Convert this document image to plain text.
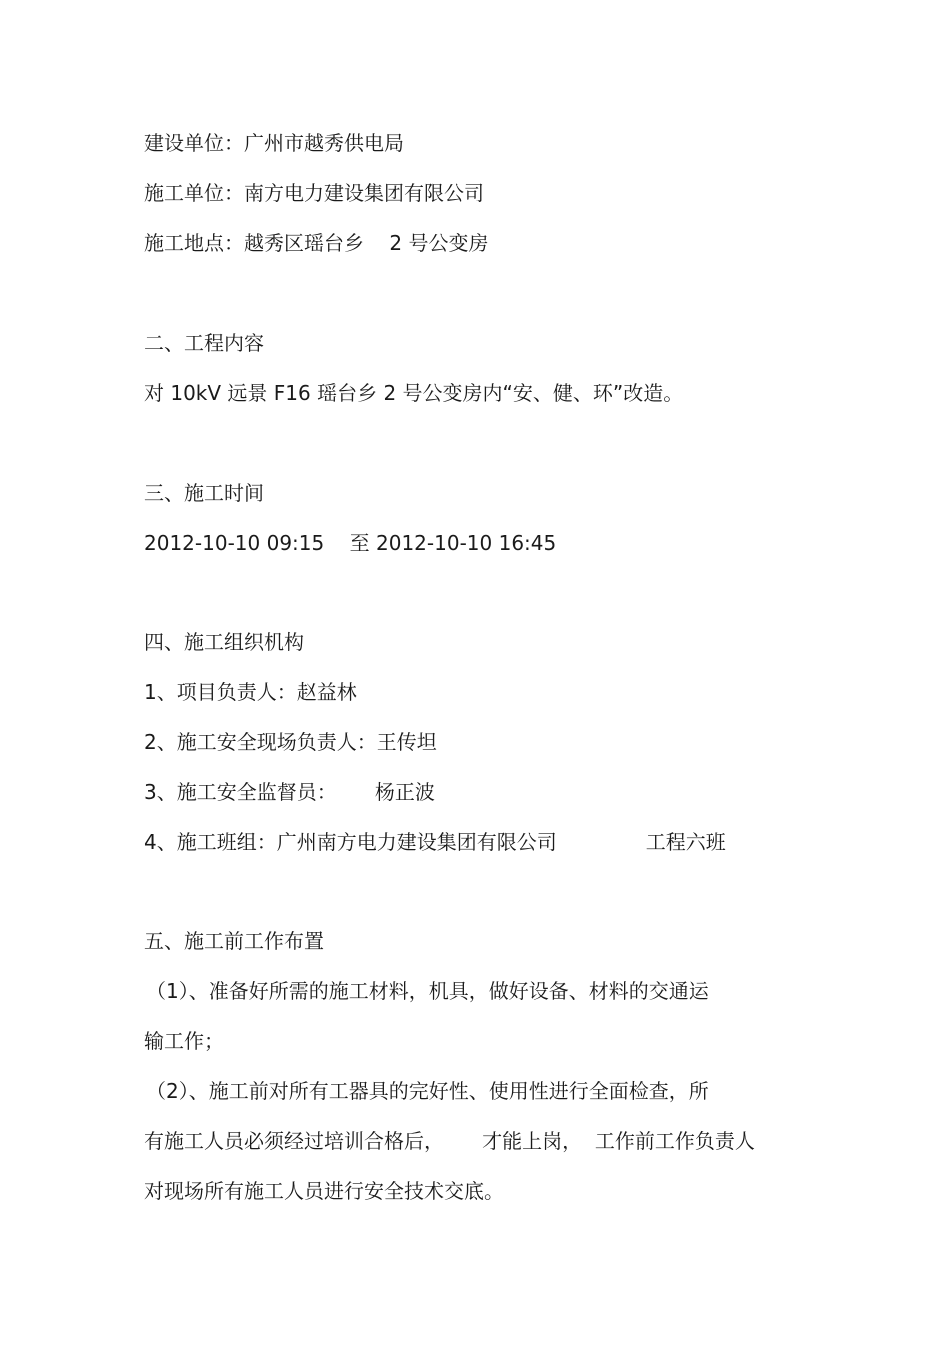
建设单位：广州市越秀供电局
施工单位：南方电力建设集团有限公司
施工地点：越秀区瑶台乡    2 号公变房
二、工程内容
对 10kV 远景 F16 瑶台乡 2 号公变房内“安、健、环”改造。
三、施工时间
2012-10-10 09:15    至 2012-10-10 16:45
四、施工组织机构
1、项目负责人：赵益林
2、施工安全现场负责人：王传坦
3、施工安全监督员：      杨正波
4、施工班组：广州南方电力建设集团有限公司              工程六班
五、施工前工作布置
（1）、准备好所需的施工材料，机具，做好设备、材料的交通运
输工作；
（2）、施工前对所有工器具的完好性、使用性进行全面检查，所
有施工人员必须经过培训合格后，      才能上岗，  工作前工作负责人
对现场所有施工人员进行安全技术交底。
